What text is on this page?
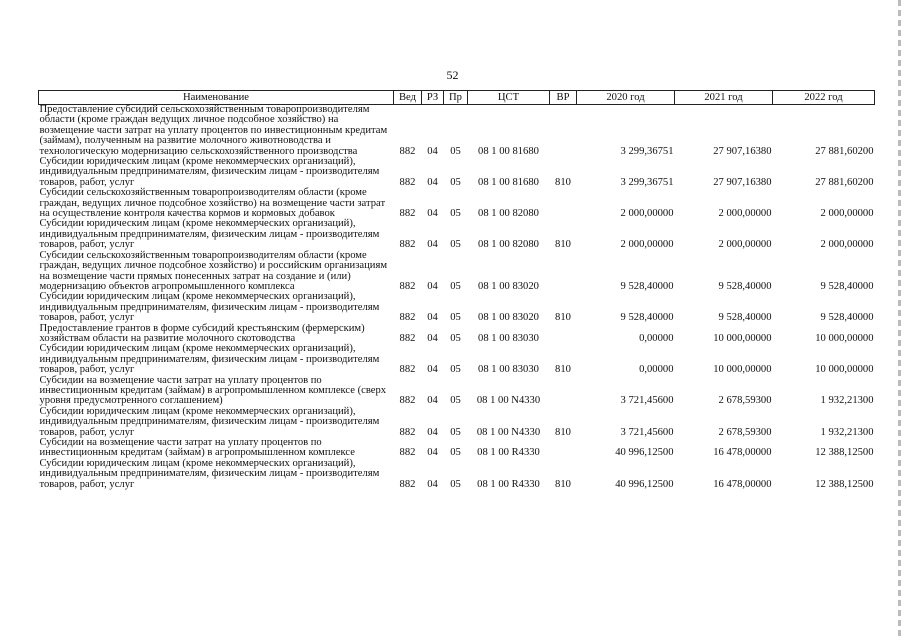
52
Наименование	Вед	РЗ	Пр	ЦСТ	ВР	2020 год	2021 год	2022 год
Предоставление субсидий сельскохозяйственным товаропроизводителям области (кроме граждан ведущих личное подсобное хозяйство) на возмещение части затрат на уплату процентов по инвестиционным кредитам (займам), полученным на развитие молочного животноводства и технологическую модернизацию сельскохозяйственного производства	882	04	05	08 1 00 81680		3 299,36751	27 907,16380	27 881,60200
Субсидии юридическим лицам (кроме некоммерческих организаций), индивидуальным предпринимателям, физическим лицам - производителям товаров, работ, услуг	882	04	05	08 1 00 81680	810	3 299,36751	27 907,16380	27 881,60200
Субсидии сельскохозяйственным товаропроизводителям области (кроме граждан, ведущих личное подсобное хозяйство) на возмещение части затрат на осуществление контроля качества кормов и кормовых добавок	882	04	05	08 1 00 82080		2 000,00000	2 000,00000	2 000,00000
Субсидии юридическим лицам (кроме некоммерческих организаций), индивидуальным предпринимателям, физическим лицам - производителям товаров, работ, услуг	882	04	05	08 1 00 82080	810	2 000,00000	2 000,00000	2 000,00000
Субсидии сельскохозяйственным товаропроизводителям области (кроме граждан, ведущих личное подсобное хозяйство) и российским организациям на возмещение части прямых понесенных затрат на создание и (или) модернизацию объектов агропромышленного комплекса	882	04	05	08 1 00 83020		9 528,40000	9 528,40000	9 528,40000
Субсидии юридическим лицам (кроме некоммерческих организаций), индивидуальным предпринимателям, физическим лицам - производителям товаров, работ, услуг	882	04	05	08 1 00 83020	810	9 528,40000	9 528,40000	9 528,40000
Предоставление грантов в форме субсидий крестьянским (фермерским) хозяйствам области на развитие молочного скотоводства	882	04	05	08 1 00 83030		0,00000	10 000,00000	10 000,00000
Субсидии юридическим лицам (кроме некоммерческих организаций), индивидуальным предпринимателям, физическим лицам - производителям товаров, работ, услуг	882	04	05	08 1 00 83030	810	0,00000	10 000,00000	10 000,00000
Субсидии на возмещение части затрат на уплату процентов по инвестиционным кредитам (займам) в агропромышленном комплексе (сверх уровня предусмотренного соглашением)	882	04	05	08 1 00 N4330		3 721,45600	2 678,59300	1 932,21300
Субсидии юридическим лицам (кроме некоммерческих организаций), индивидуальным предпринимателям, физическим лицам - производителям товаров, работ, услуг	882	04	05	08 1 00 N4330	810	3 721,45600	2 678,59300	1 932,21300
Субсидии на возмещение части затрат на уплату процентов по инвестиционным кредитам (займам) в агропромышленном комплексе	882	04	05	08 1 00 R4330		40 996,12500	16 478,00000	12 388,12500
Субсидии юридическим лицам (кроме некоммерческих организаций), индивидуальным предпринимателям, физическим лицам - производителям товаров, работ, услуг	882	04	05	08 1 00 R4330	810	40 996,12500	16 478,00000	12 388,12500
